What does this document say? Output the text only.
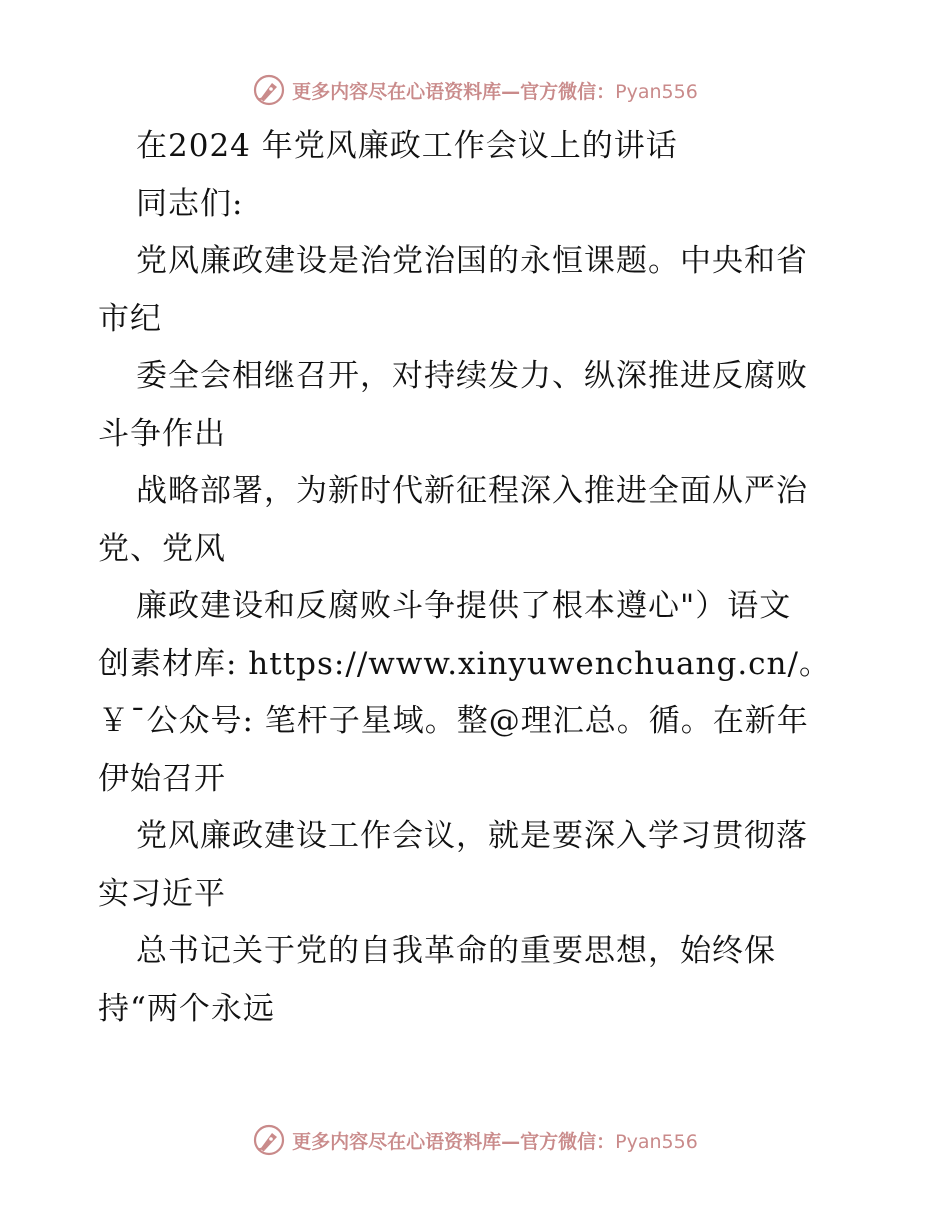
更多内容尽在心语资料库—官方微信：Pyan556
在2024 年党风廉政工作会议上的讲话
同志们:
党风廉政建设是治党治国的永恒课题。中央和省
市纪
委全会相继召开，对持续发力、纵深推进反腐败
斗争作出
战略部署，为新时代新征程深入推进全面从严治
党、党风
廉政建设和反腐败斗争提供了根本遵心"）语文
创素材库: https://www.xinyuwenchuang.cn/。
￥¯公众号: 笔杆子星域。整@理汇总。循。在新年
伊始召开
党风廉政建设工作会议，就是要深入学习贯彻落
实习近平
总书记关于党的自我革命的重要思想，始终保
持“两个永远
更多内容尽在心语资料库—官方微信：Pyan556
